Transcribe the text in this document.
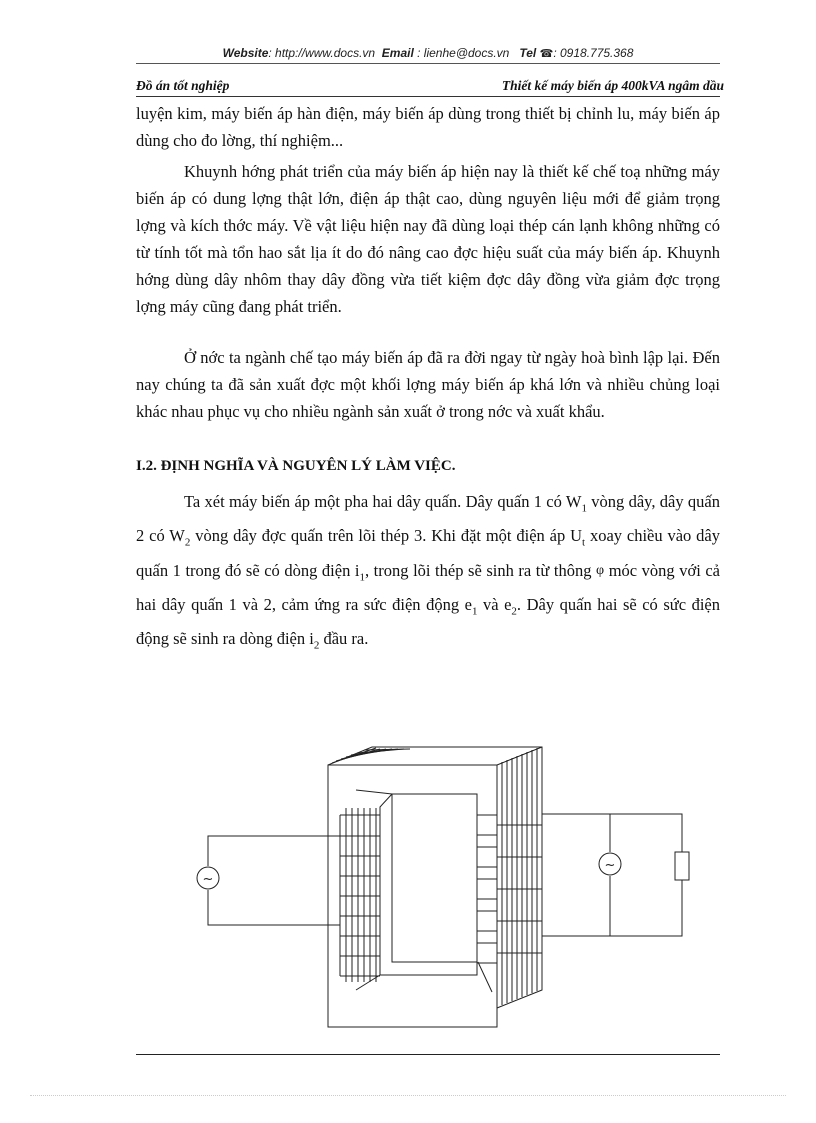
Website: http://www.docs.vn Email : lienhe@docs.vn Tel ☎: 0918.775.368
Đồ án tốt nghiệp	Thiết kế máy biến áp 400kVA ngâm dầu

luyện kim, máy biến áp hàn điện, máy biến áp dùng trong thiết bị chỉnh lu, máy biến áp dùng cho đo lờng, thí nghiệm...

Khuynh hớng phát triển của máy biến áp hiện nay là thiết kế chế toạ những máy biến áp có dung lợng thật lớn, điện áp thật cao, dùng nguyên liệu mới để giảm trọng lợng và kích thớc máy. Về vật liệu hiện nay đã dùng loại thép cán lạnh không những có từ tính tốt mà tổn hao sắt lịa ít do đó nâng cao đợc hiệu suất của máy biến áp. Khuynh hớng dùng dây nhôm thay dây đồng vừa tiết kiệm đợc dây đồng vừa giảm đợc trọng lợng máy cũng đang phát triển.

Ở nớc ta ngành chế tạo máy biến áp đã ra đời ngay từ ngày hoà bình lập lại. Đến nay chúng ta đã sản xuất đợc một khối lợng máy biến áp khá lớn và nhiều chủng loại khác nhau phục vụ cho nhiều ngành sản xuất ở trong nớc và xuất khẩu.

I.2. ĐỊNH NGHĨA VÀ NGUYÊN LÝ LÀM VIỆC.

Ta xét máy biến áp một pha hai dây quấn. Dây quấn 1 có $W_1$ vòng dây, dây quấn 2 có $W_2$ vòng dây đợc quấn trên lõi thép 3. Khi đặt một điện áp $U_t$ xoay chiều vào dây quấn 1 trong đó sẽ có dòng điện $i_1$, trong lõi thép sẽ sinh ra từ thông φ móc vòng với cả hai dây quấn 1 và 2, cảm ứng ra sức điện động $e_1$ và $e_2$. Dây quấn hai sẽ có sức điện động sẽ sinh ra dòng điện $i_2$ đầu ra.

~
~
